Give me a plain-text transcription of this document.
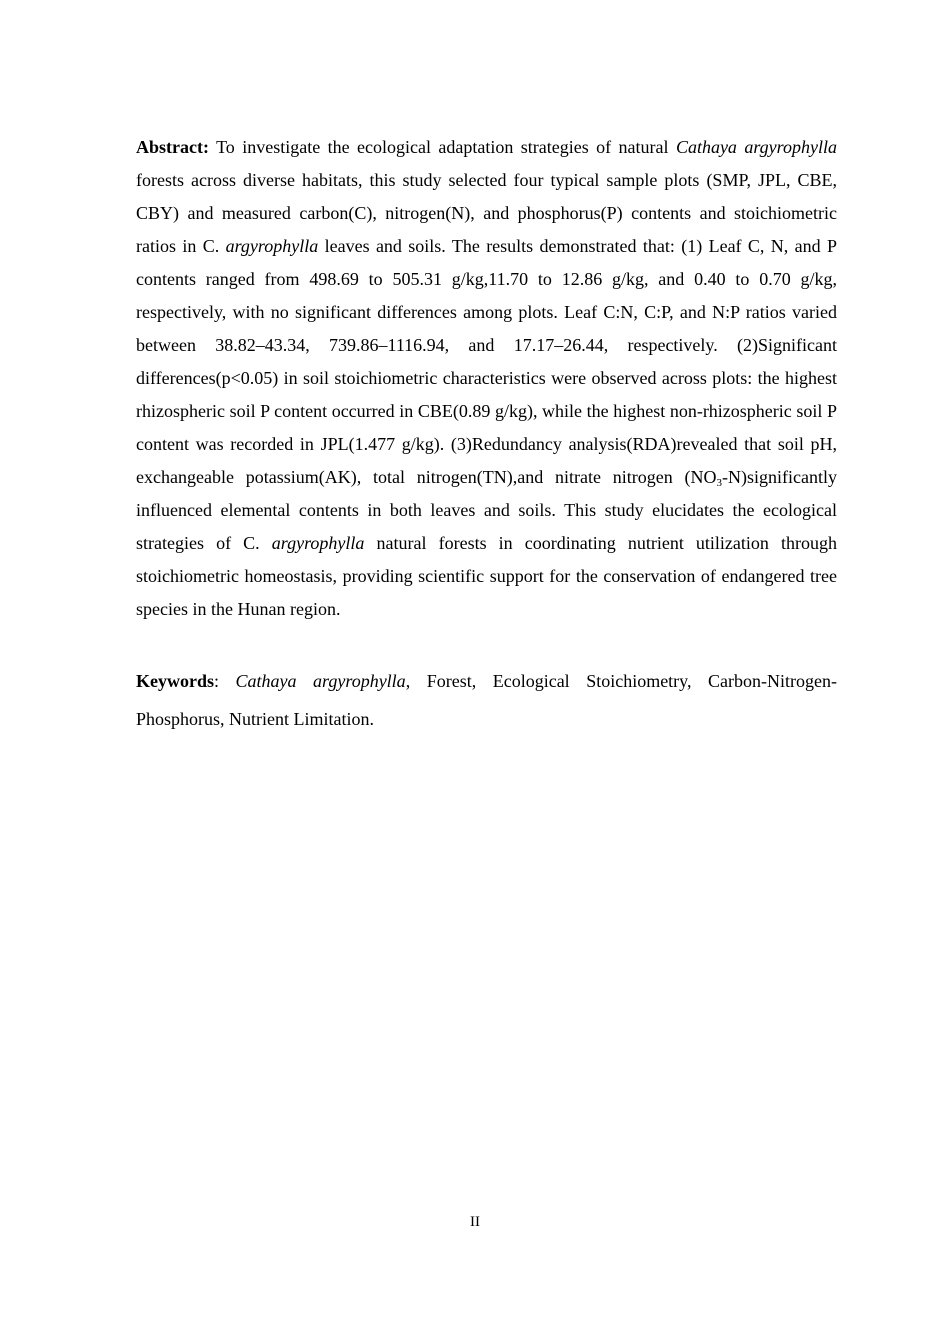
Abstract: To investigate the ecological adaptation strategies of natural Cathaya argyrophylla forests across diverse habitats, this study selected four typical sample plots (SMP, JPL, CBE, CBY) and measured carbon(C), nitrogen(N), and phosphorus(P) contents and stoichiometric ratios in C. argyrophylla leaves and soils. The results demonstrated that: (1) Leaf C, N, and P contents ranged from 498.69 to 505.31 g/kg,11.70 to 12.86 g/kg, and 0.40 to 0.70 g/kg, respectively, with no significant differences among plots. Leaf C:N, C:P, and N:P ratios varied between 38.82–43.34, 739.86–1116.94, and 17.17–26.44, respectively. (2)Significant differences(p<0.05) in soil stoichiometric characteristics were observed across plots: the highest rhizospheric soil P content occurred in CBE(0.89 g/kg), while the highest non-rhizospheric soil P content was recorded in JPL(1.477 g/kg). (3)Redundancy analysis(RDA)revealed that soil pH, exchangeable potassium(AK), total nitrogen(TN),and nitrate nitrogen $(NO_3-N)significantly$ influenced elemental contents in both leaves and soils. This study elucidates the ecological strategies of C. argyrophylla natural forests in coordinating nutrient utilization through stoichiometric homeostasis, providing scientific support for the conservation of endangered tree species in the Hunan region.

Keywords: Cathaya argyrophylla, Forest, Ecological Stoichiometry, Carbon-Nitrogen-Phosphorus, Nutrient Limitation.

II
